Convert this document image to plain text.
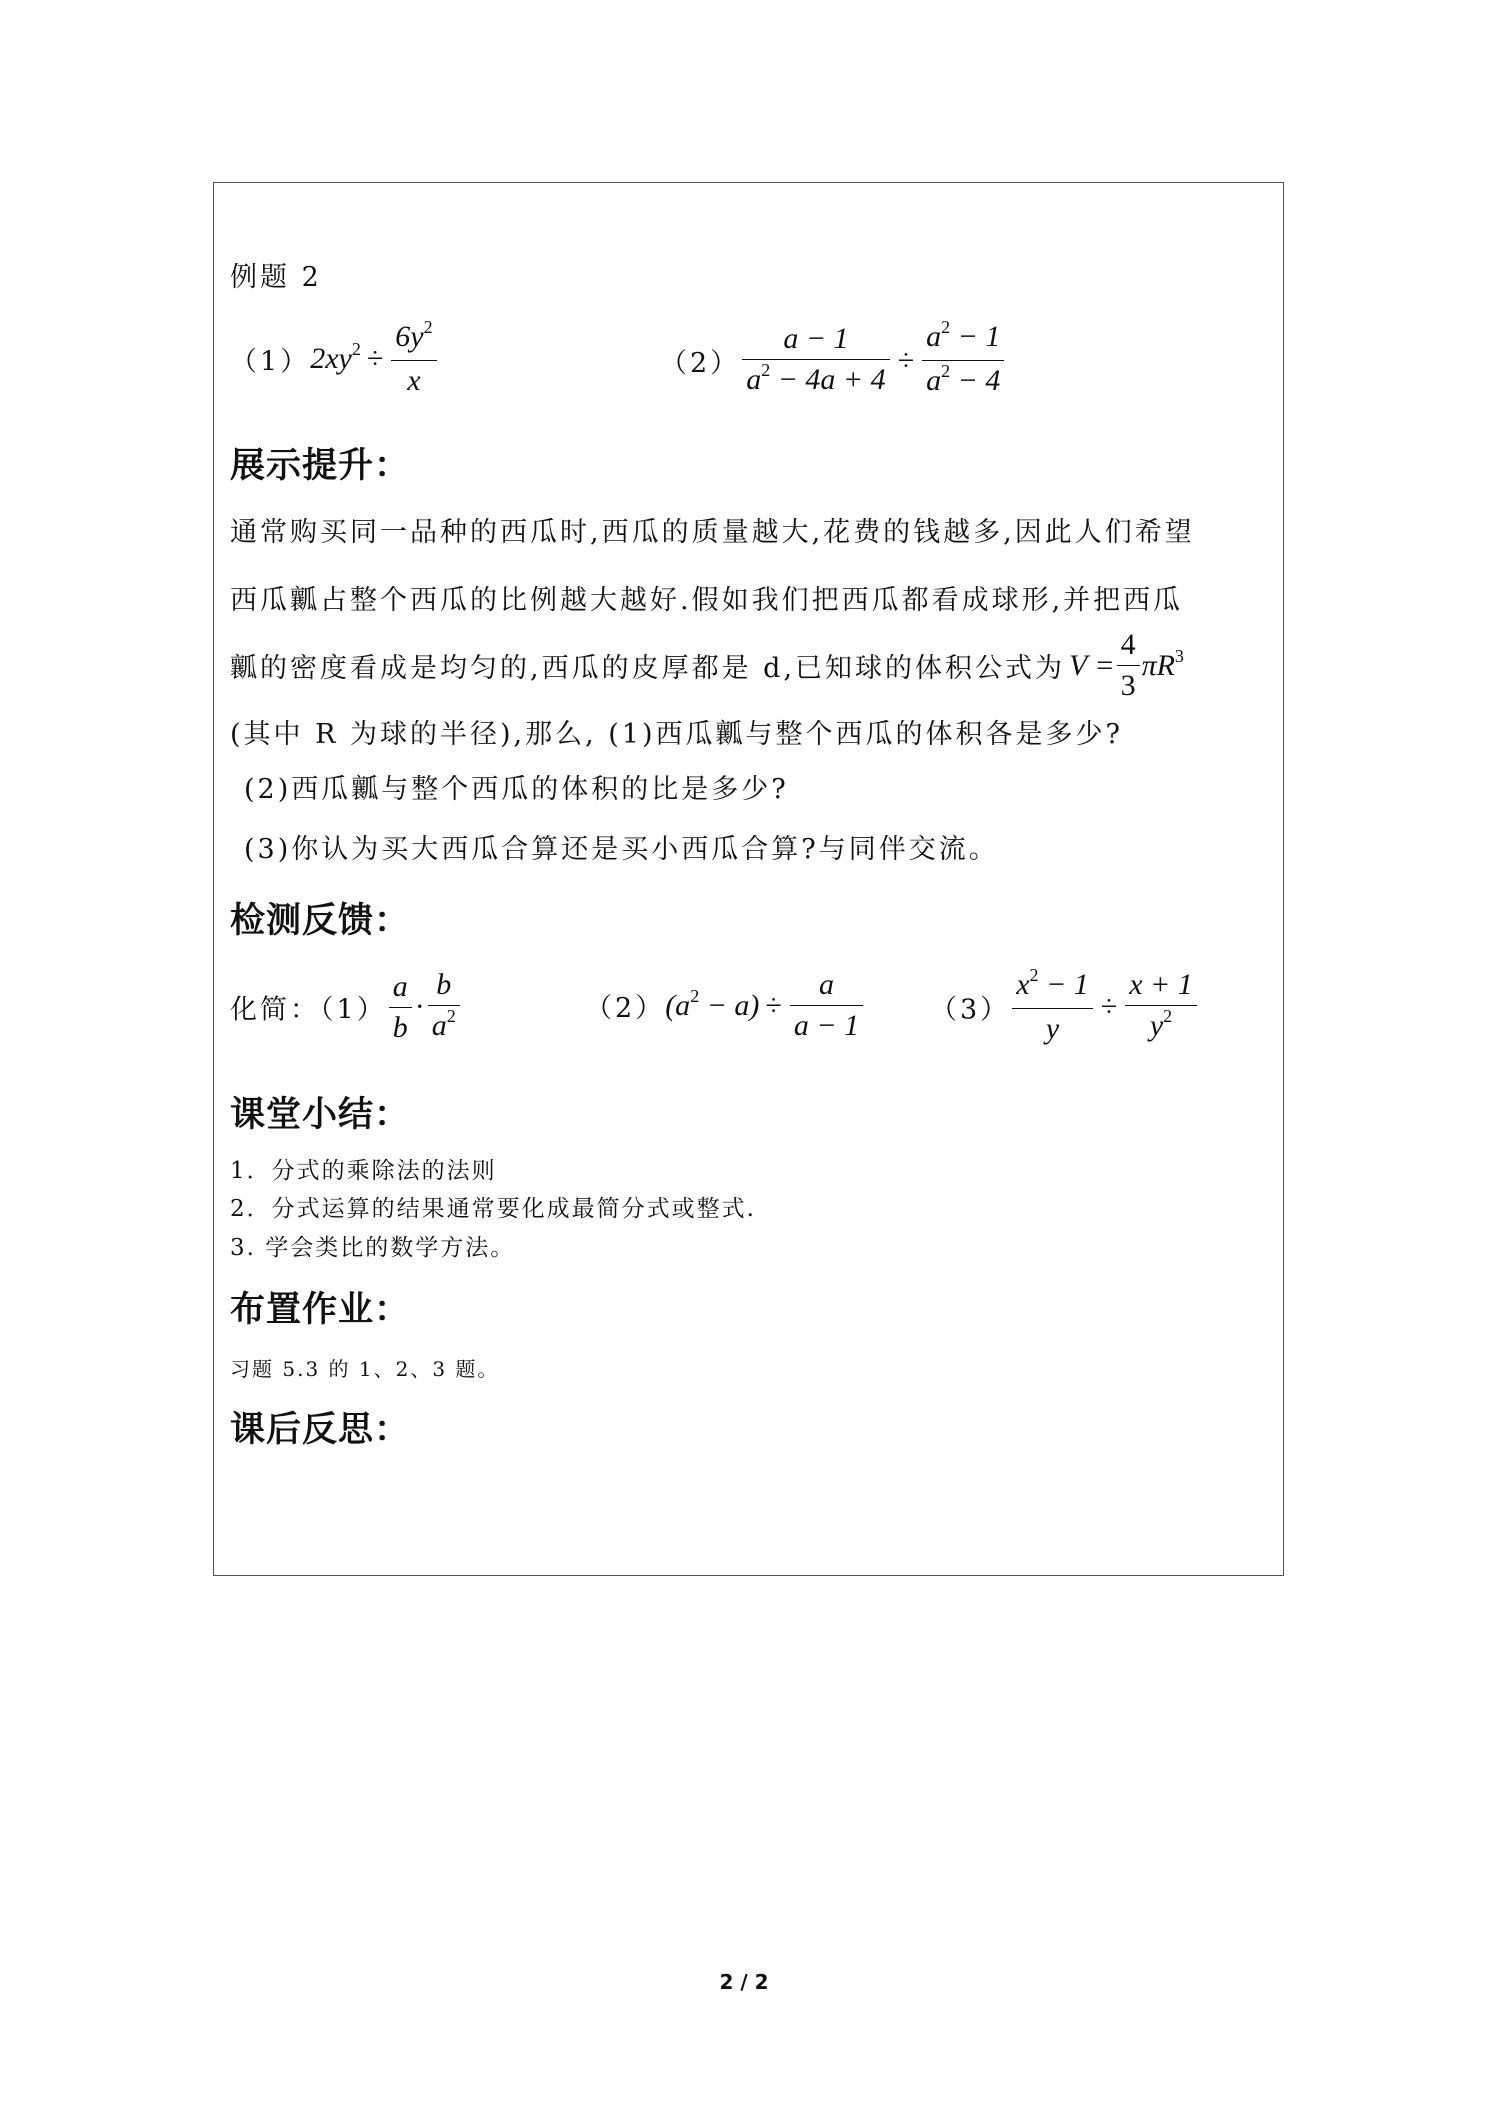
例题 2
$(1)2xy^2 \div \frac{6y^2}{x}$	$(2) \frac{a - 1}{a^2 - 4a + 4} \div \frac{a^2 - 1}{a^2 - 4}$
展示提升：
通常购买同一品种的西瓜时,西瓜的质量越大,花费的钱越多,因此人们希望
西瓜瓤占整个西瓜的比例越大越好.假如我们把西瓜都看成球形,并把西瓜
瓤的密度看成是均匀的,西瓜的皮厚都是 d,已知球的体积公式为 $V = \frac{4}{3} \pi R^3$
(其中 R 为球的半径),那么, (1)西瓜瓤与整个西瓜的体积各是多少?
(2)西瓜瓤与整个西瓜的体积的比是多少?
(3)你认为买大西瓜合算还是买小西瓜合算?与同伴交流。
检测反馈：
化简：$(1) \frac{a}{b} \cdot \frac{b}{a^2}$	$(2)(a^2 - a) \div \frac{a}{a - 1} (3) \frac{x^2 - 1}{y} \div \frac{x + 1}{y^2}$
课堂小结：
1．分式的乘除法的法则
2．分式运算的结果通常要化成最简分式或整式.
3. 学会类比的数学方法。
布置作业：
习题 5.3 的 1、2、3 题。
课后反思：
2 / 2
